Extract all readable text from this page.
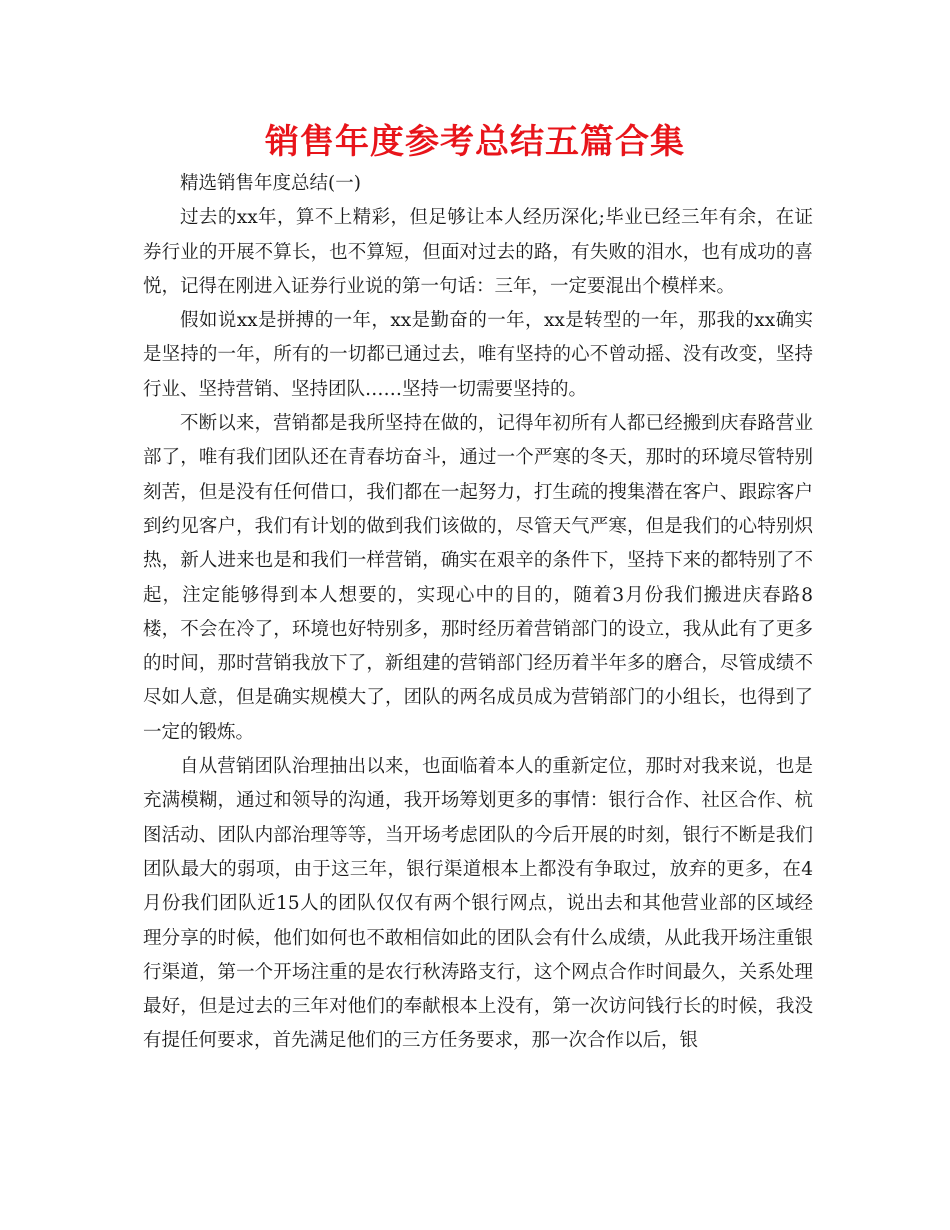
销售年度参考总结五篇合集

精选销售年度总结(一)

过去的xx年，算不上精彩，但足够让本人经历深化;毕业已经三年有余，在证券行业的开展不算长，也不算短，但面对过去的路，有失败的泪水，也有成功的喜悦，记得在刚进入证券行业说的第一句话：三年，一定要混出个模样来。

假如说xx是拼搏的一年，xx是勤奋的一年，xx是转型的一年，那我的xx确实是坚持的一年，所有的一切都已通过去，唯有坚持的心不曾动摇、没有改变，坚持行业、坚持营销、坚持团队……坚持一切需要坚持的。

不断以来，营销都是我所坚持在做的，记得年初所有人都已经搬到庆春路营业部了，唯有我们团队还在青春坊奋斗，通过一个严寒的冬天，那时的环境尽管特别刻苦，但是没有任何借口，我们都在一起努力，打生疏的搜集潜在客户、跟踪客户到约见客户，我们有计划的做到我们该做的，尽管天气严寒，但是我们的心特别炽热，新人进来也是和我们一样营销，确实在艰辛的条件下，坚持下来的都特别了不起，注定能够得到本人想要的，实现心中的目的，随着3月份我们搬进庆春路8楼，不会在冷了，环境也好特别多，那时经历着营销部门的设立，我从此有了更多的时间，那时营销我放下了，新组建的营销部门经历着半年多的磨合，尽管成绩不尽如人意，但是确实规模大了，团队的两名成员成为营销部门的小组长，也得到了一定的锻炼。

自从营销团队治理抽出以来，也面临着本人的重新定位，那时对我来说，也是充满模糊，通过和领导的沟通，我开场筹划更多的事情：银行合作、社区合作、杭图活动、团队内部治理等等，当开场考虑团队的今后开展的时刻，银行不断是我们团队最大的弱项，由于这三年，银行渠道根本上都没有争取过，放弃的更多，在4月份我们团队近15人的团队仅仅有两个银行网点，说出去和其他营业部的区域经理分享的时候，他们如何也不敢相信如此的团队会有什么成绩，从此我开场注重银行渠道，第一个开场注重的是农行秋涛路支行，这个网点合作时间最久，关系处理最好，但是过去的三年对他们的奉献根本上没有，第一次访问钱行长的时候，我没有提任何要求，首先满足他们的三方任务要求，那一次合作以后，银
